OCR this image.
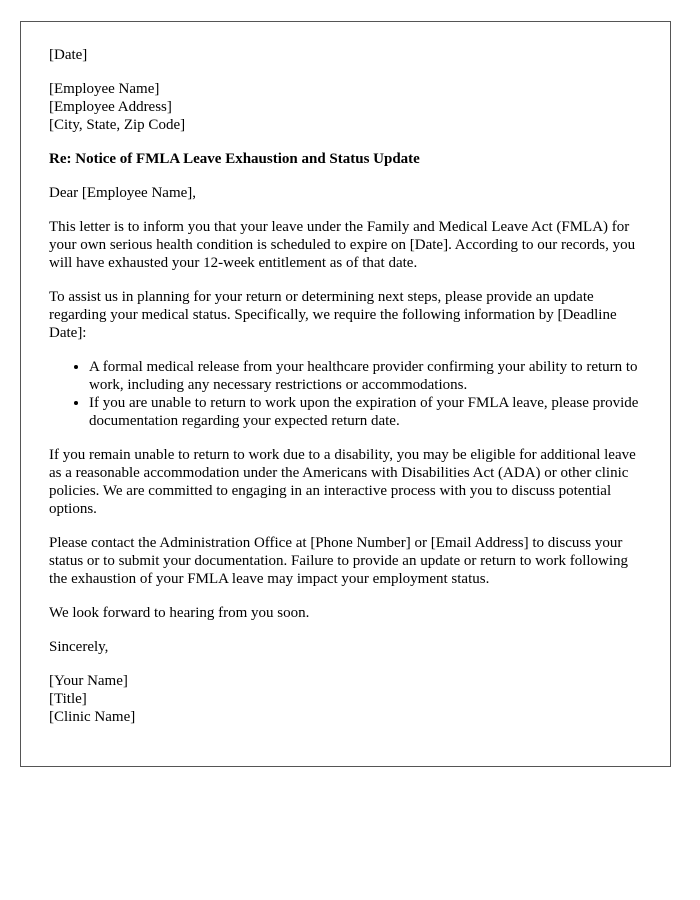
[Date]

[Employee Name]
[Employee Address]
[City, State, Zip Code]

Re: Notice of FMLA Leave Exhaustion and Status Update

Dear [Employee Name],

This letter is to inform you that your leave under the Family and Medical Leave Act (FMLA) for your own serious health condition is scheduled to expire on [Date]. According to our records, you will have exhausted your 12-week entitlement as of that date.

To assist us in planning for your return or determining next steps, please provide an update regarding your medical status. Specifically, we require the following information by [Deadline Date]:

• A formal medical release from your healthcare provider confirming your ability to return to work, including any necessary restrictions or accommodations.
• If you are unable to return to work upon the expiration of your FMLA leave, please provide documentation regarding your expected return date.

If you remain unable to return to work due to a disability, you may be eligible for additional leave as a reasonable accommodation under the Americans with Disabilities Act (ADA) or other clinic policies. We are committed to engaging in an interactive process with you to discuss potential options.

Please contact the Administration Office at [Phone Number] or [Email Address] to discuss your status or to submit your documentation. Failure to provide an update or return to work following the exhaustion of your FMLA leave may impact your employment status.

We look forward to hearing from you soon.

Sincerely,

[Your Name]
[Title]
[Clinic Name]
